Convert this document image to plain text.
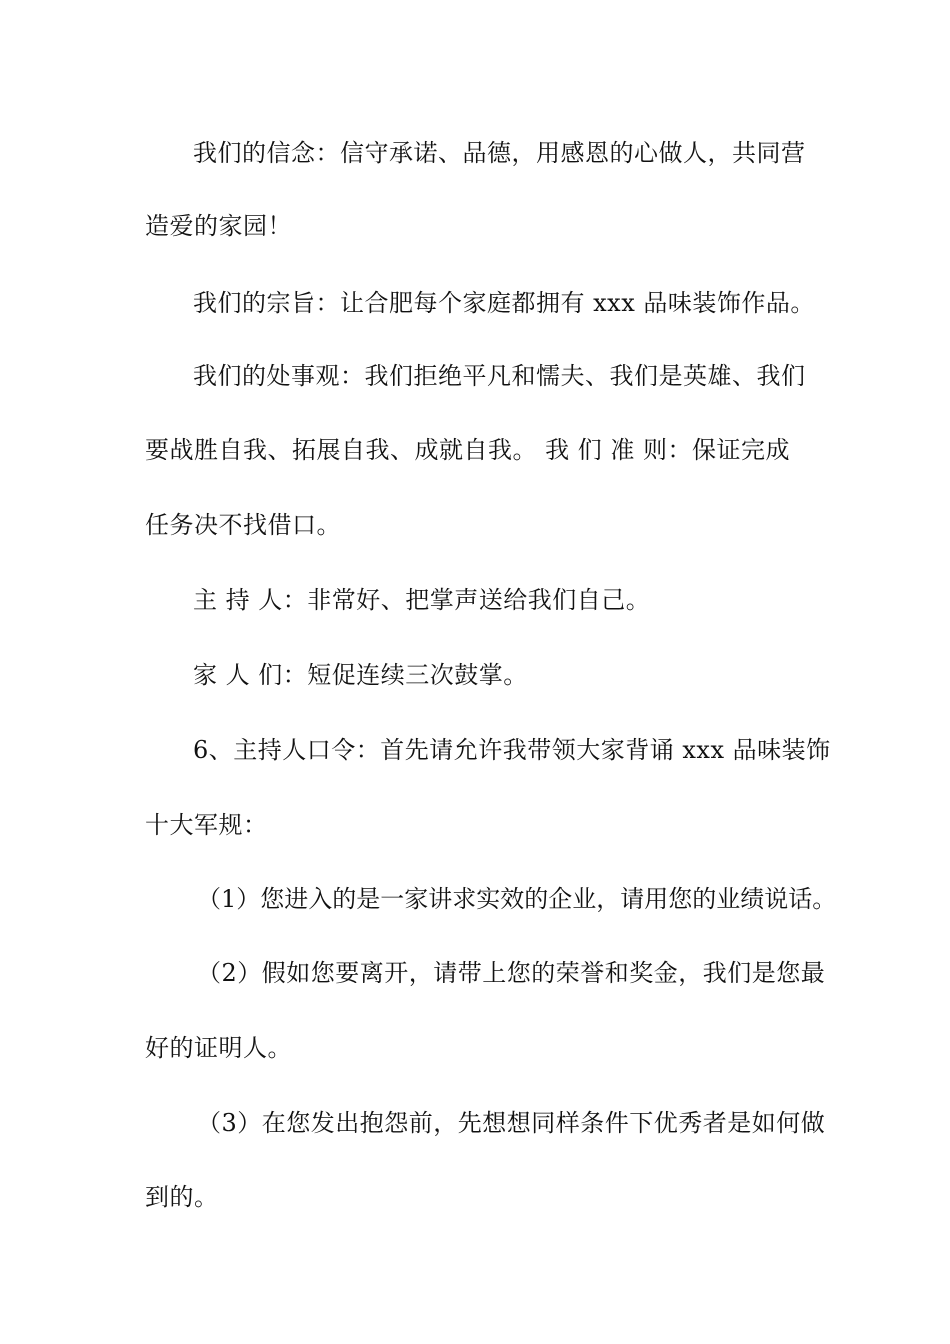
我们的信念：信守承诺、品德，用感恩的心做人，共同营
造爱的家园！
我们的宗旨：让合肥每个家庭都拥有 xxx 品味装饰作品。
我们的处事观：我们拒绝平凡和懦夫、我们是英雄、我们
要战胜自我、拓展自我、成就自我。 我 们 准 则：保证完成
任务决不找借口。
主 持 人：非常好、把掌声送给我们自己。
家 人 们：短促连续三次鼓掌。
6、主持人口令：首先请允许我带领大家背诵 xxx 品味装饰
十大军规：
（1）您进入的是一家讲求实效的企业，请用您的业绩说话。
（2）假如您要离开，请带上您的荣誉和奖金，我们是您最
好的证明人。
（3）在您发出抱怨前，先想想同样条件下优秀者是如何做
到的。
